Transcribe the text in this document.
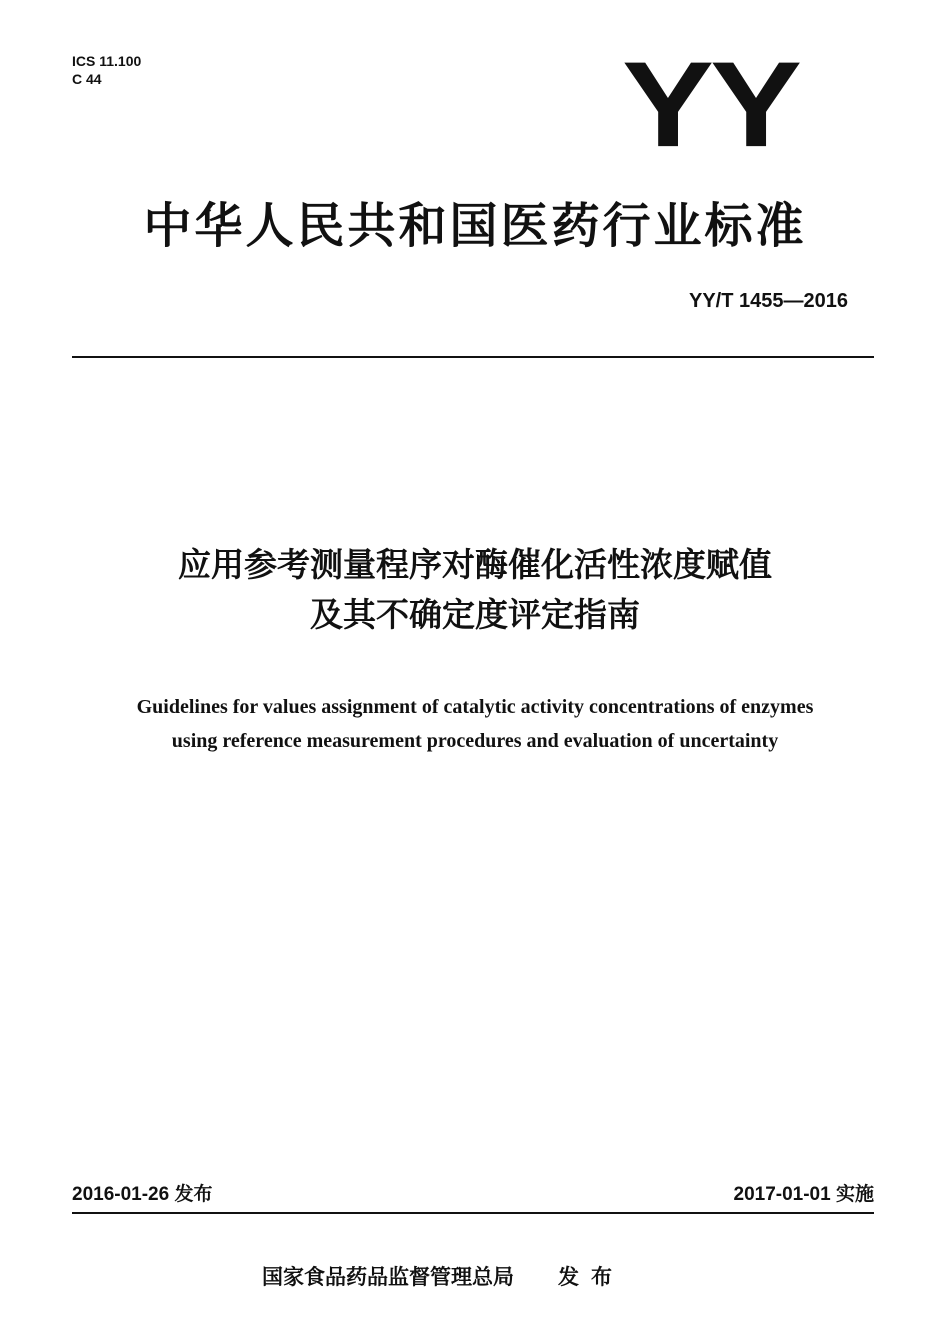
ICS 11.100
C 44	YY
中华人民共和国医药行业标准
YY/T 1455—2016
应用参考测量程序对酶催化活性浓度赋值
及其不确定度评定指南
Guidelines for values assignment of catalytic activity concentrations of enzymes
using reference measurement procedures and evaluation of uncertainty
2016-01-26 发布	2017-01-01 实施
国家食品药品监督管理总局 发布
